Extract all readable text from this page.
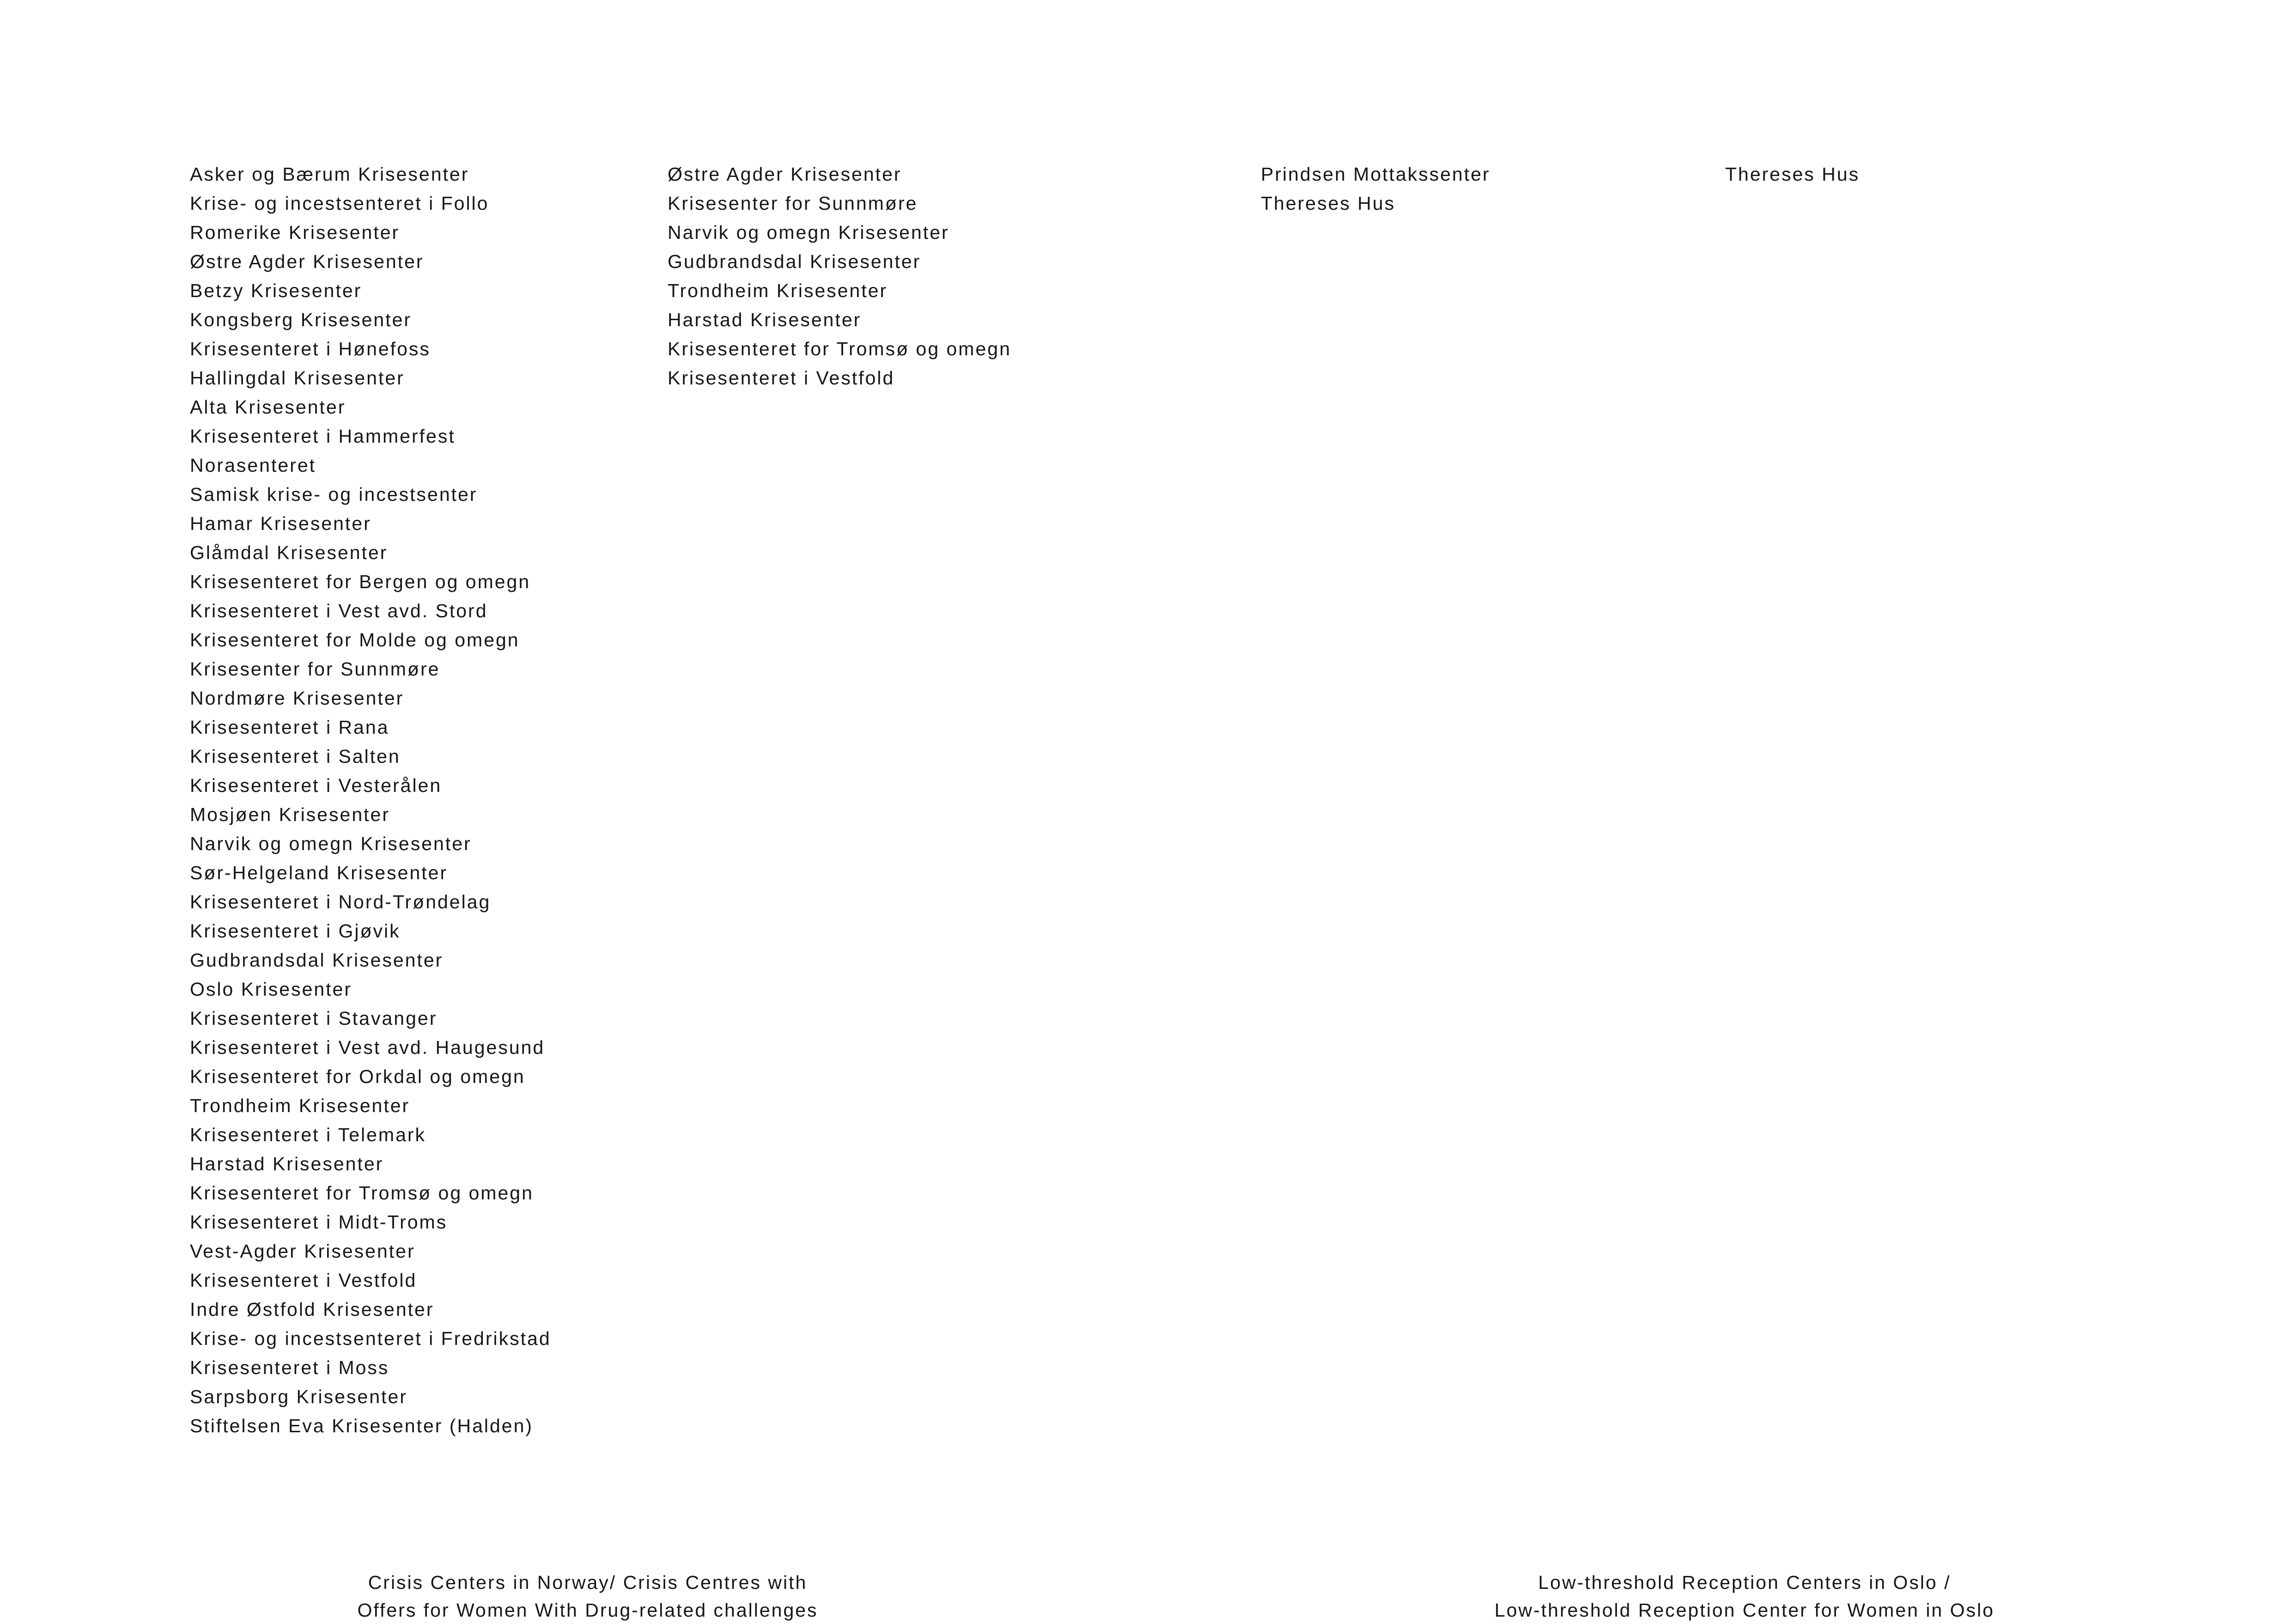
Asker og Bærum Krisesenter
Krise- og incestsenteret i Follo
Romerike Krisesenter
Østre Agder Krisesenter
Betzy Krisesenter
Kongsberg Krisesenter
Krisesenteret i Hønefoss
Hallingdal Krisesenter
Alta Krisesenter
Krisesenteret i Hammerfest
Norasenteret
Samisk krise- og incestsenter
Hamar Krisesenter
Glåmdal Krisesenter
Krisesenteret for Bergen og omegn
Krisesenteret i Vest avd. Stord
Krisesenteret for Molde og omegn
Krisesenter for Sunnmøre
Nordmøre Krisesenter
Krisesenteret i Rana
Krisesenteret i Salten
Krisesenteret i Vesterålen
Mosjøen Krisesenter
Narvik og omegn Krisesenter
Sør-Helgeland Krisesenter
Krisesenteret i Nord-Trøndelag
Krisesenteret i Gjøvik
Gudbrandsdal Krisesenter
Oslo Krisesenter
Krisesenteret i Stavanger
Krisesenteret i Vest avd. Haugesund
Krisesenteret for Orkdal og omegn
Trondheim Krisesenter
Krisesenteret i Telemark
Harstad Krisesenter
Krisesenteret for Tromsø og omegn
Krisesenteret i Midt-Troms
Vest-Agder Krisesenter
Krisesenteret i Vestfold
Indre Østfold Krisesenter
Krise- og incestsenteret i Fredrikstad
Krisesenteret i Moss
Sarpsborg Krisesenter
Stiftelsen Eva Krisesenter (Halden)
Østre Agder Krisesenter
Krisesenter for Sunnmøre
Narvik og omegn Krisesenter
Gudbrandsdal Krisesenter
Trondheim Krisesenter
Harstad Krisesenter
Krisesenteret for Tromsø og omegn
Krisesenteret i Vestfold
Prindsen Mottakssenter
Thereses Hus
Thereses Hus
Crisis Centers in Norway/ Crisis Centres with
Offers for Women With Drug-related challenges
Low-threshold Reception Centers in Oslo /
Low-threshold Reception Center for Women in Oslo
